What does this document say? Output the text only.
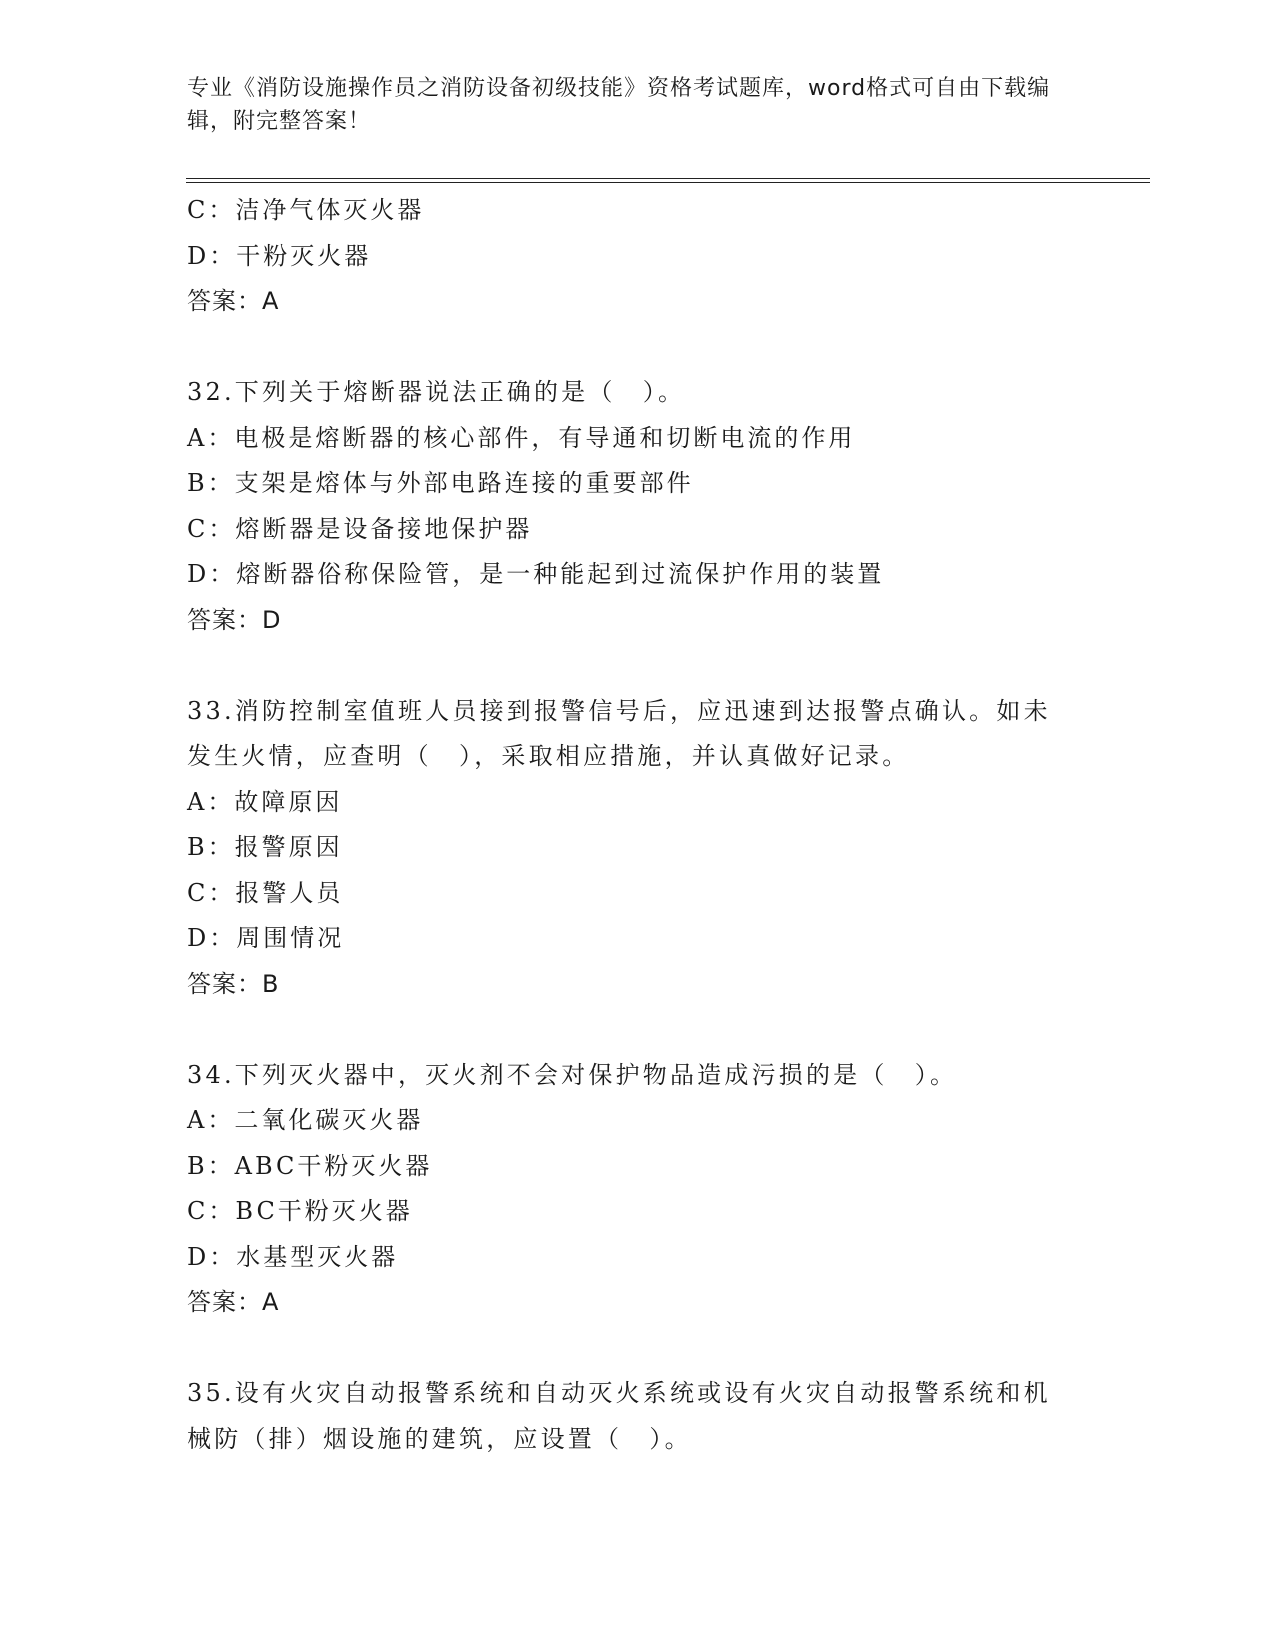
专业《消防设施操作员之消防设备初级技能》资格考试题库，word格式可自由下载编辑，附完整答案！
C：洁净气体灭火器
D：干粉灭火器
答案：A
32.下列关于熔断器说法正确的是（　）。
A：电极是熔断器的核心部件，有导通和切断电流的作用
B：支架是熔体与外部电路连接的重要部件
C：熔断器是设备接地保护器
D：熔断器俗称保险管，是一种能起到过流保护作用的装置
答案：D
33.消防控制室值班人员接到报警信号后，应迅速到达报警点确认。如未发生火情，应查明（　），采取相应措施，并认真做好记录。
A：故障原因
B：报警原因
C：报警人员
D：周围情况
答案：B
34.下列灭火器中，灭火剂不会对保护物品造成污损的是（　）。
A：二氧化碳灭火器
B：ABC干粉灭火器
C：BC干粉灭火器
D：水基型灭火器
答案：A
35.设有火灾自动报警系统和自动灭火系统或设有火灾自动报警系统和机械防（排）烟设施的建筑，应设置（　）。
